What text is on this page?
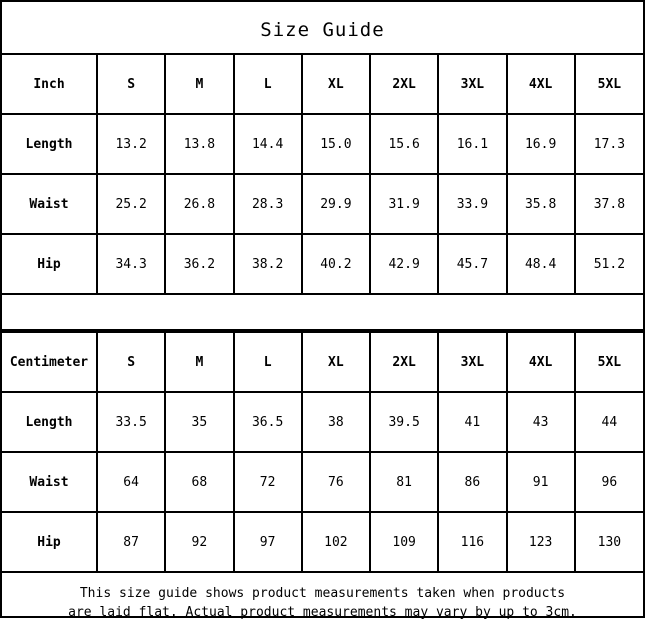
Size Guide
Inch	S	M	L	XL	2XL	3XL	4XL	5XL
Length	13.2	13.8	14.4	15.0	15.6	16.1	16.9	17.3
Waist	25.2	26.8	28.3	29.9	31.9	33.9	35.8	37.8
Hip	34.3	36.2	38.2	40.2	42.9	45.7	48.4	51.2
Centimeter	S	M	L	XL	2XL	3XL	4XL	5XL
Length	33.5	35	36.5	38	39.5	41	43	44
Waist	64	68	72	76	81	86	91	96
Hip	87	92	97	102	109	116	123	130
This size guide shows product measurements taken when products
are laid flat. Actual product measurements may vary by up to 3cm.
